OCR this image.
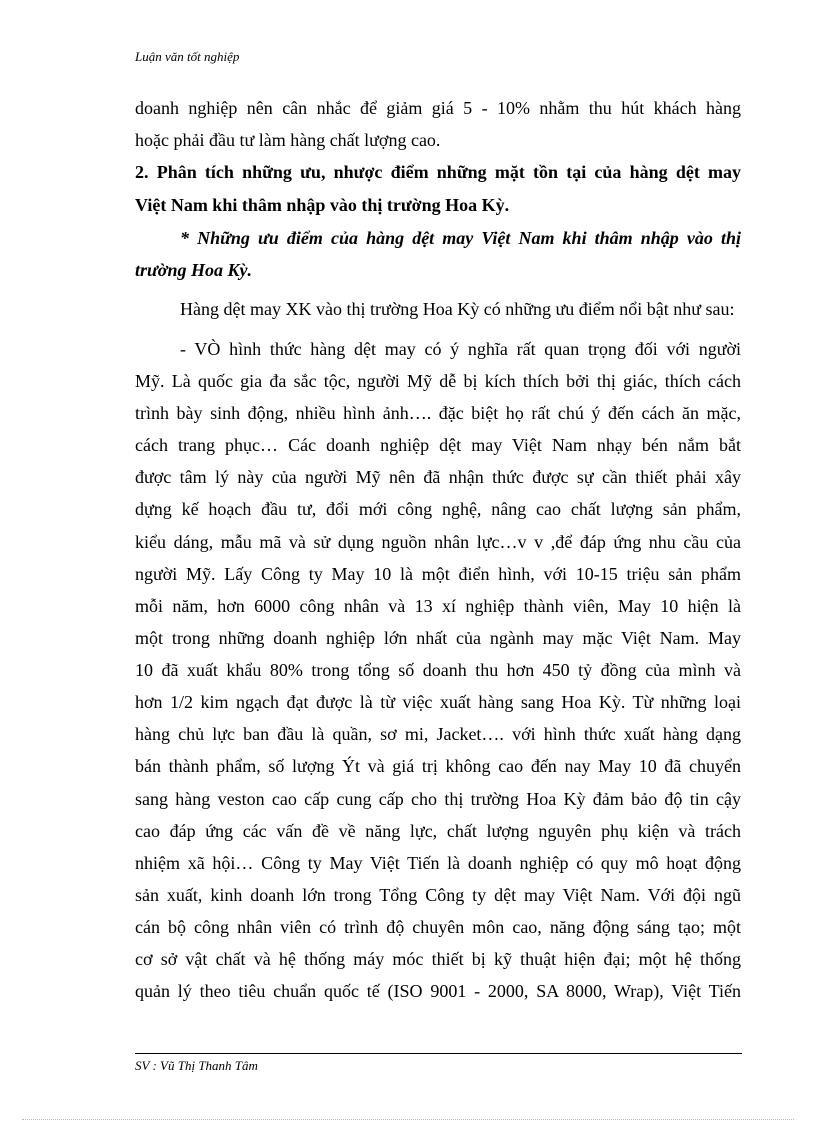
Luận văn tốt nghiệp
doanh nghiệp nên cân nhắc để giảm giá 5 - 10% nhằm thu hút khách hàng
hoặc phải đầu tư làm hàng chất lượng cao.
2. Phân tích những ưu, nhược điểm những mặt tồn tại của hàng dệt may
Việt Nam khi thâm nhập vào thị trường Hoa Kỳ.
* Những ưu điểm của hàng dệt may Việt Nam khi thâm nhập vào thị
trường Hoa Kỳ.
Hàng dệt may XK vào thị trường Hoa Kỳ có những ưu điểm nổi bật như sau:
- VÒ hình thức hàng dệt may có ý nghĩa rất quan trọng đối với người
Mỹ. Là quốc gia đa sắc tộc, người Mỹ dễ bị kích thích bởi thị giác, thích cách
trình bày sinh động, nhiều hình ảnh…. đặc biệt họ rất chú ý đến cách ăn mặc,
cách trang phục… Các doanh nghiệp dệt may Việt Nam nhạy bén nắm bắt
được tâm lý này của người Mỹ nên đã nhận thức được sự cần thiết phải xây
dựng kế hoạch đầu tư, đổi mới công nghệ, nâng cao chất lượng sản phẩm,
kiểu dáng, mẫu mã và sử dụng nguồn nhân lực…v v ,để đáp ứng nhu cầu của
người Mỹ. Lấy Công ty May 10 là một điển hình, với 10-15 triệu sản phẩm
mỗi năm, hơn 6000 công nhân và 13 xí nghiệp thành viên, May 10 hiện là
một trong những doanh nghiệp lớn nhất của ngành may mặc Việt Nam. May
10 đã xuất khẩu 80% trong tổng số doanh thu hơn 450 tỷ đồng của mình và
hơn 1/2 kim ngạch đạt được là từ việc xuất hàng sang Hoa Kỳ. Từ những loại
hàng chủ lực ban đầu là quần, sơ mi, Jacket…. với hình thức xuất hàng dạng
bán thành phẩm, số lượng Ýt và giá trị không cao đến nay May 10 đã chuyển
sang hàng veston cao cấp cung cấp cho thị trường Hoa Kỳ đảm bảo độ tin cậy
cao đáp ứng các vấn đề về năng lực, chất lượng nguyên phụ kiện và trách
nhiệm xã hội… Công ty May Việt Tiến là doanh nghiệp có quy mô hoạt động
sản xuất, kinh doanh lớn trong Tổng Công ty dệt may Việt Nam. Với đội ngũ
cán bộ công nhân viên có trình độ chuyên môn cao, năng động sáng tạo; một
cơ sở vật chất và hệ thống máy móc thiết bị kỹ thuật hiện đại; một hệ thống
quản lý theo tiêu chuẩn quốc tế (ISO 9001 - 2000, SA 8000, Wrap), Việt Tiến
SV : Vũ Thị Thanh Tâm
